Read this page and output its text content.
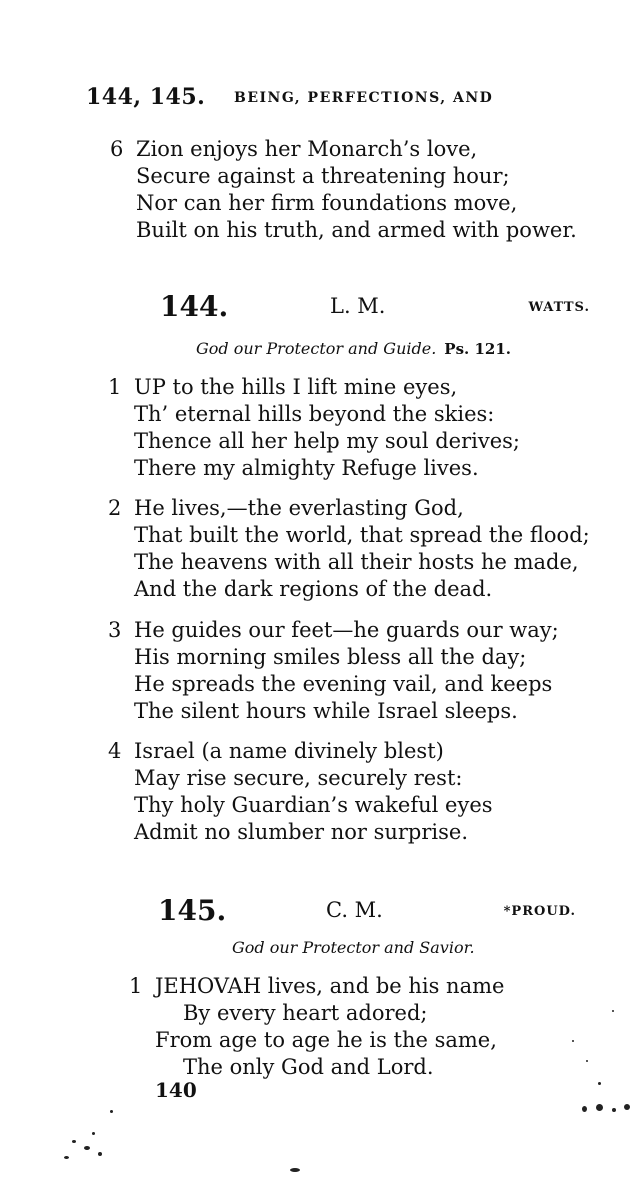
144, 145. BEING, PERFECTIONS, AND
6 Zion enjoys her Monarch’s love,
Secure against a threatening hour;
Nor can her firm foundations move,
Built on his truth, and armed with power.
144.	L. M.	WATTS.
God our Protector and Guide. Ps. 121.
1 UP to the hills I lift mine eyes,
Th’ eternal hills beyond the skies:
Thence all her help my soul derives;
There my almighty Refuge lives.
2 He lives,—the everlasting God,
That built the world, that spread the flood;
The heavens with all their hosts he made,
And the dark regions of the dead.
3 He guides our feet—he guards our way;
His morning smiles bless all the day;
He spreads the evening vail, and keeps
The silent hours while Israel sleeps.
4 Israel (a name divinely blest)
May rise secure, securely rest:
Thy holy Guardian’s wakeful eyes
Admit no slumber nor surprise.
145.	C. M.	*PROUD.
God our Protector and Savior.
1 JEHOVAH lives, and be his name
By every heart adored;
From age to age he is the same,
The only God and Lord.
140
